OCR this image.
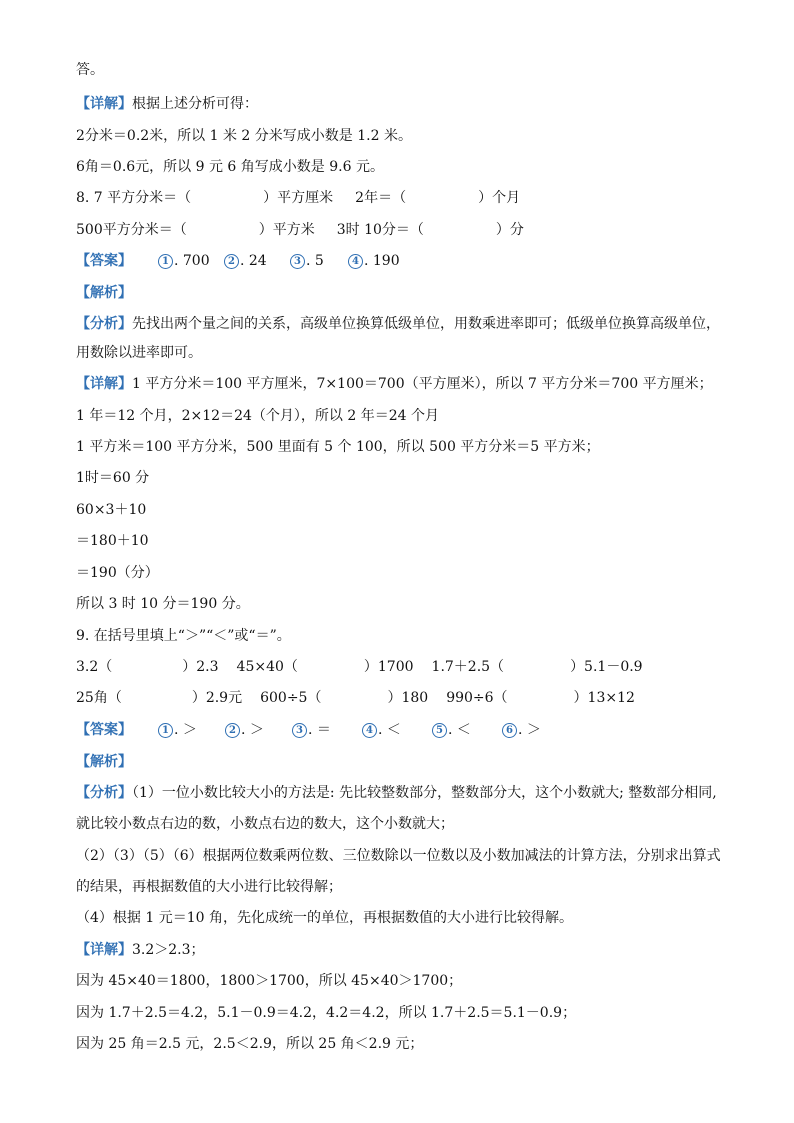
答。
【详解】根据上述分析可得：
2分米＝0.2米，所以 1 米 2 分米写成小数是 1.2 米。
6角＝0.6元，所以 9 元 6 角写成小数是 9.6 元。
8. 7 平方分米＝（	）平方厘米 2年＝（	）个月
500平方分米＝（	）平方米 3时 10分＝（	）分
【答案】	1 . 700 2 . 24	3 . 5	4 . 190
【解析】
【分析】先找出两个量之间的关系，高级单位换算低级单位，用数乘进率即可；低级单位换算高级单位，
用数除以进率即可。
【详解】1 平方分米＝100 平方厘米，7×100＝700（平方厘米），所以 7 平方分米＝700 平方厘米；
1 年＝12 个月，2×12＝24（个月），所以 2 年＝24 个月
1 平方米＝100 平方分米，500 里面有 5 个 100，所以 500 平方分米＝5 平方米；
1时＝60 分
60×3＋10
＝180＋10
＝190（分）
所以 3 时 10 分＝190 分。
9. 在括号里填上“＞”“＜”或“＝”。
3.2（	）2.3 45×40（	）1700 1.7＋2.5（	）5.1－0.9
25角（	）2.9元 600÷5（	）180 990÷6（	）13×12
【答案】	1 . ＞	2 . ＞	3 . ＝	4 . ＜	5 . ＜	6 . ＞
【解析】
【分析】（1）一位小数比较大小的方法是: 先比较整数部分，整数部分大，这个小数就大; 整数部分相同,
就比较小数点右边的数，小数点右边的数大，这个小数就大；
（2）（3）（5）（6）根据两位数乘两位数、三位数除以一位数以及小数加减法的计算方法，分别求出算式
的结果，再根据数值的大小进行比较得解；
（4）根据 1 元＝10 角，先化成统一的单位，再根据数值的大小进行比较得解。
【详解】3.2＞2.3；
因为 45×40＝1800，1800＞1700，所以 45×40＞1700；
因为 1.7＋2.5＝4.2，5.1－0.9＝4.2，4.2＝4.2，所以 1.7＋2.5＝5.1－0.9；
因为 25 角＝2.5 元，2.5＜2.9，所以 25 角＜2.9 元；
